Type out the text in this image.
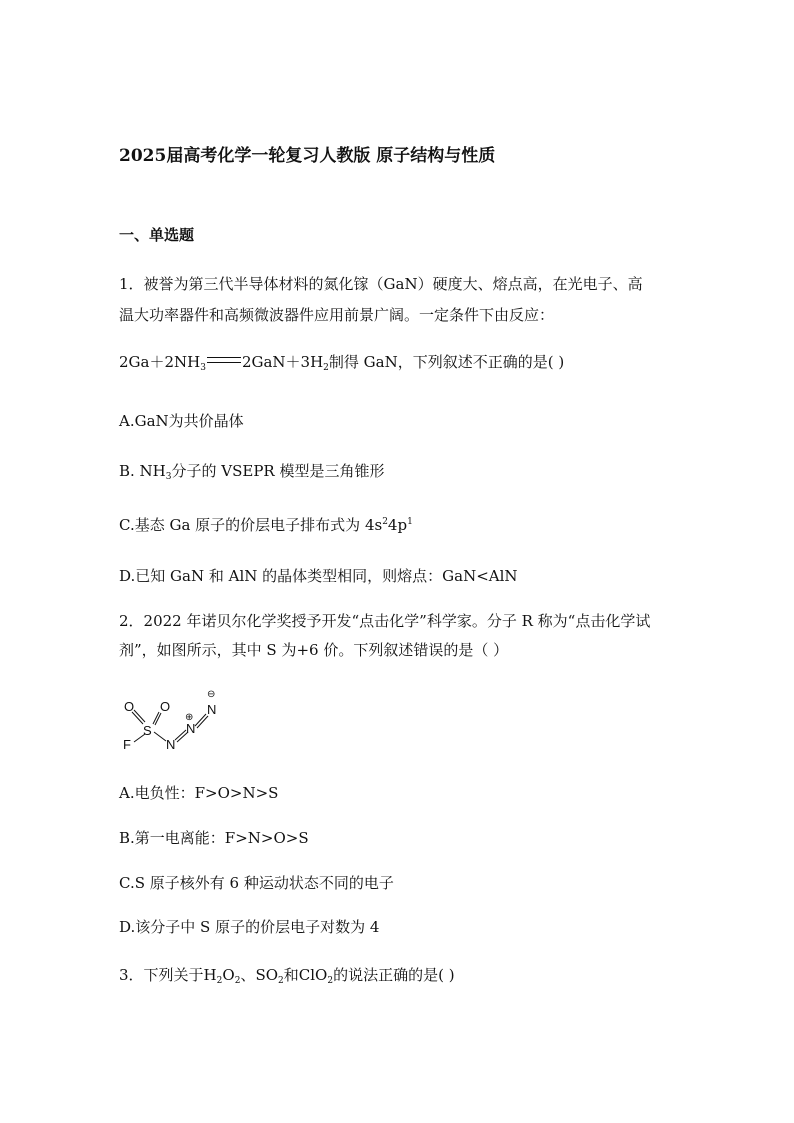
2025届高考化学一轮复习人教版 原子结构与性质
一、单选题
1．被誉为第三代半导体材料的氮化镓（GaN）硬度大、熔点高，在光电子、高
温大功率器件和高频微波器件应用前景广阔。一定条件下由反应：
$2Ga+2NH_3$ $2GaN+3H_2$制得 GaN，下列叙述不正确的是( )
A.GaN为共价晶体
B. $NH_3$分子的 VSEPR 模型是三角锥形
C.基态 Ga 原子的价层电子排布式为 $4s^24p^1$
D.已知 GaN 和 AlN 的晶体类型相同，则熔点：GaN<AlN
2．2022 年诺贝尔化学奖授予开发“点击化学”科学家。分子 R 称为“点击化学试
剂”，如图所示，其中 S 为+6 价。下列叙述错误的是（ ）
O O
S
F	N
N
N
⊕
⊖
A.电负性：F>O>N>S
B.第一电离能：F>N>O>S
C.S 原子核外有 6 种运动状态不同的电子
D.该分子中 S 原子的价层电子对数为 4
3．下列关于$H_2O_2$、$SO_2$和ClO$_2$的说法正确的是( )
